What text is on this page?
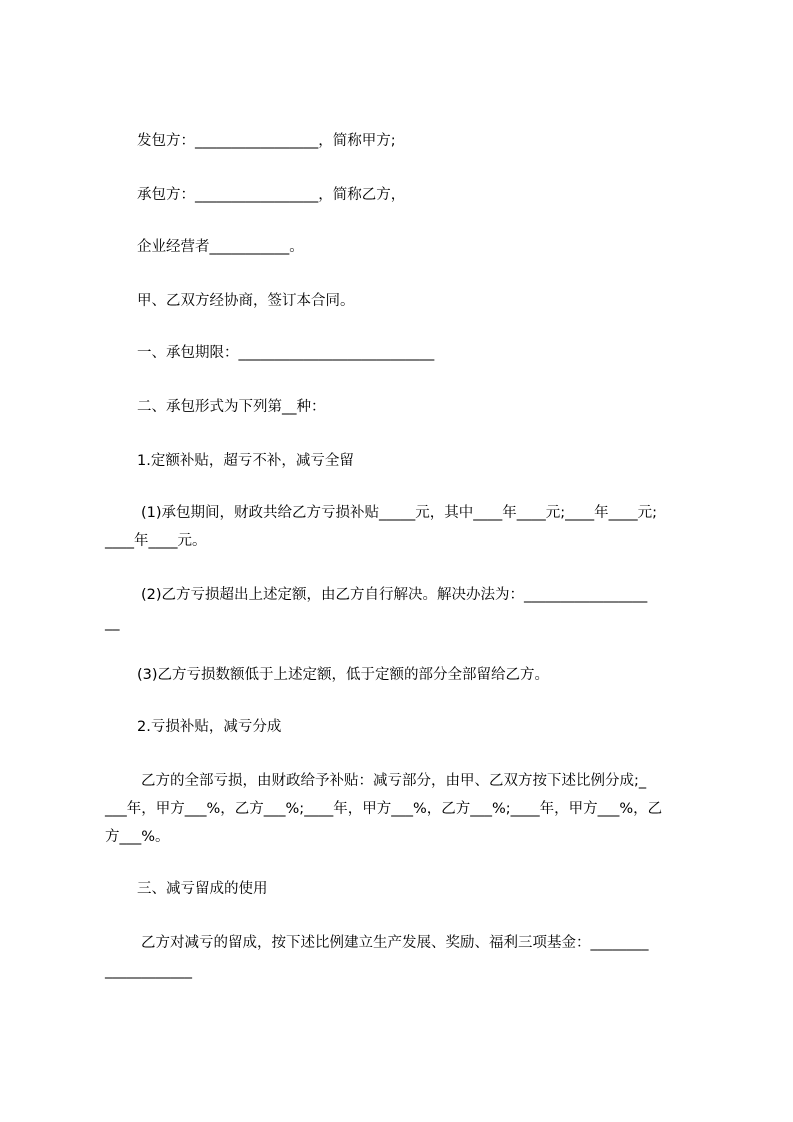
发包方：_________________，简称甲方;
承包方：_________________，简称乙方，
企业经营者___________。
甲、乙双方经协商，签订本合同。
一、承包期限：___________________________
二、承包形式为下列第__种：
1.定额补贴，超亏不补，减亏全留
(1)承包期间，财政共给乙方亏损补贴_____元，其中____年____元;____年____元;
____年____元。
(2)乙方亏损超出上述定额，由乙方自行解决。解决办法为：_________________
__
(3)乙方亏损数额低于上述定额，低于定额的部分全部留给乙方。
2.亏损补贴，减亏分成
乙方的全部亏损，由财政给予补贴：减亏部分，由甲、乙双方按下述比例分成;_
___年，甲方___%，乙方___%;____年，甲方___%，乙方___%;____年，甲方___%，乙
方___%。
三、减亏留成的使用
乙方对减亏的留成，按下述比例建立生产发展、奖励、福利三项基金：________
____________
